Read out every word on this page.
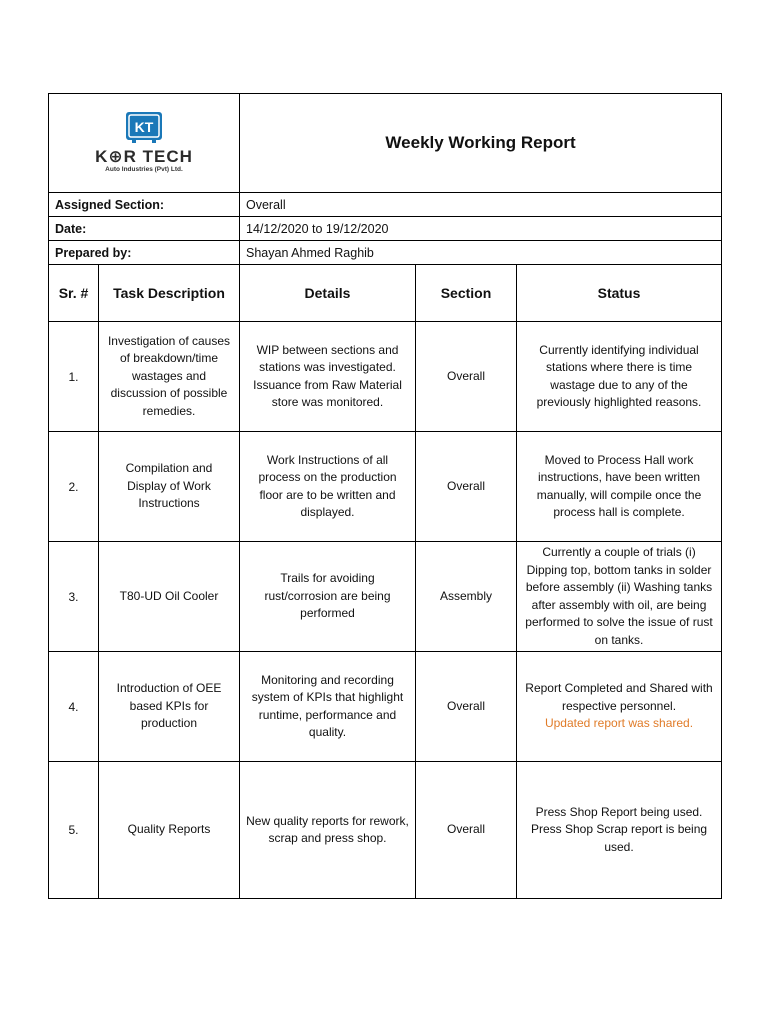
KT
K⊕R TECH
Auto Industries (Pvt) Ltd.		Weekly Working Report		
Assigned Section:		Overall		
Date:		14/12/2020 to 19/12/2020		
Prepared by:		Shayan Ahmed Raghib		
Sr. #	Task Description	Details	Section	Status
1.	Investigation of causes of breakdown/time wastages and discussion of possible remedies.	WIP between sections and stations was investigated. Issuance from Raw Material store was monitored.	Overall	Currently identifying individual stations where there is time wastage due to any of the previously highlighted reasons.
2.	Compilation and Display of Work Instructions	Work Instructions of all process on the production floor are to be written and displayed.	Overall	Moved to Process Hall work instructions, have been written manually, will compile once the process hall is complete.
3.	T80-UD Oil Cooler	Trails for avoiding rust/corrosion are being performed	Assembly	Currently a couple of trials (i) Dipping top, bottom tanks in solder before assembly (ii) Washing tanks after assembly with oil, are being performed to solve the issue of rust on tanks.
4.	Introduction of OEE based KPIs for production	Monitoring and recording system of KPIs that highlight runtime, performance and quality.	Overall	Report Completed and Shared with respective personnel.
Updated report was shared.

5.	Quality Reports	New quality reports for rework, scrap and press shop.	Overall	Press Shop Report being used. Press Shop Scrap report is being used.
